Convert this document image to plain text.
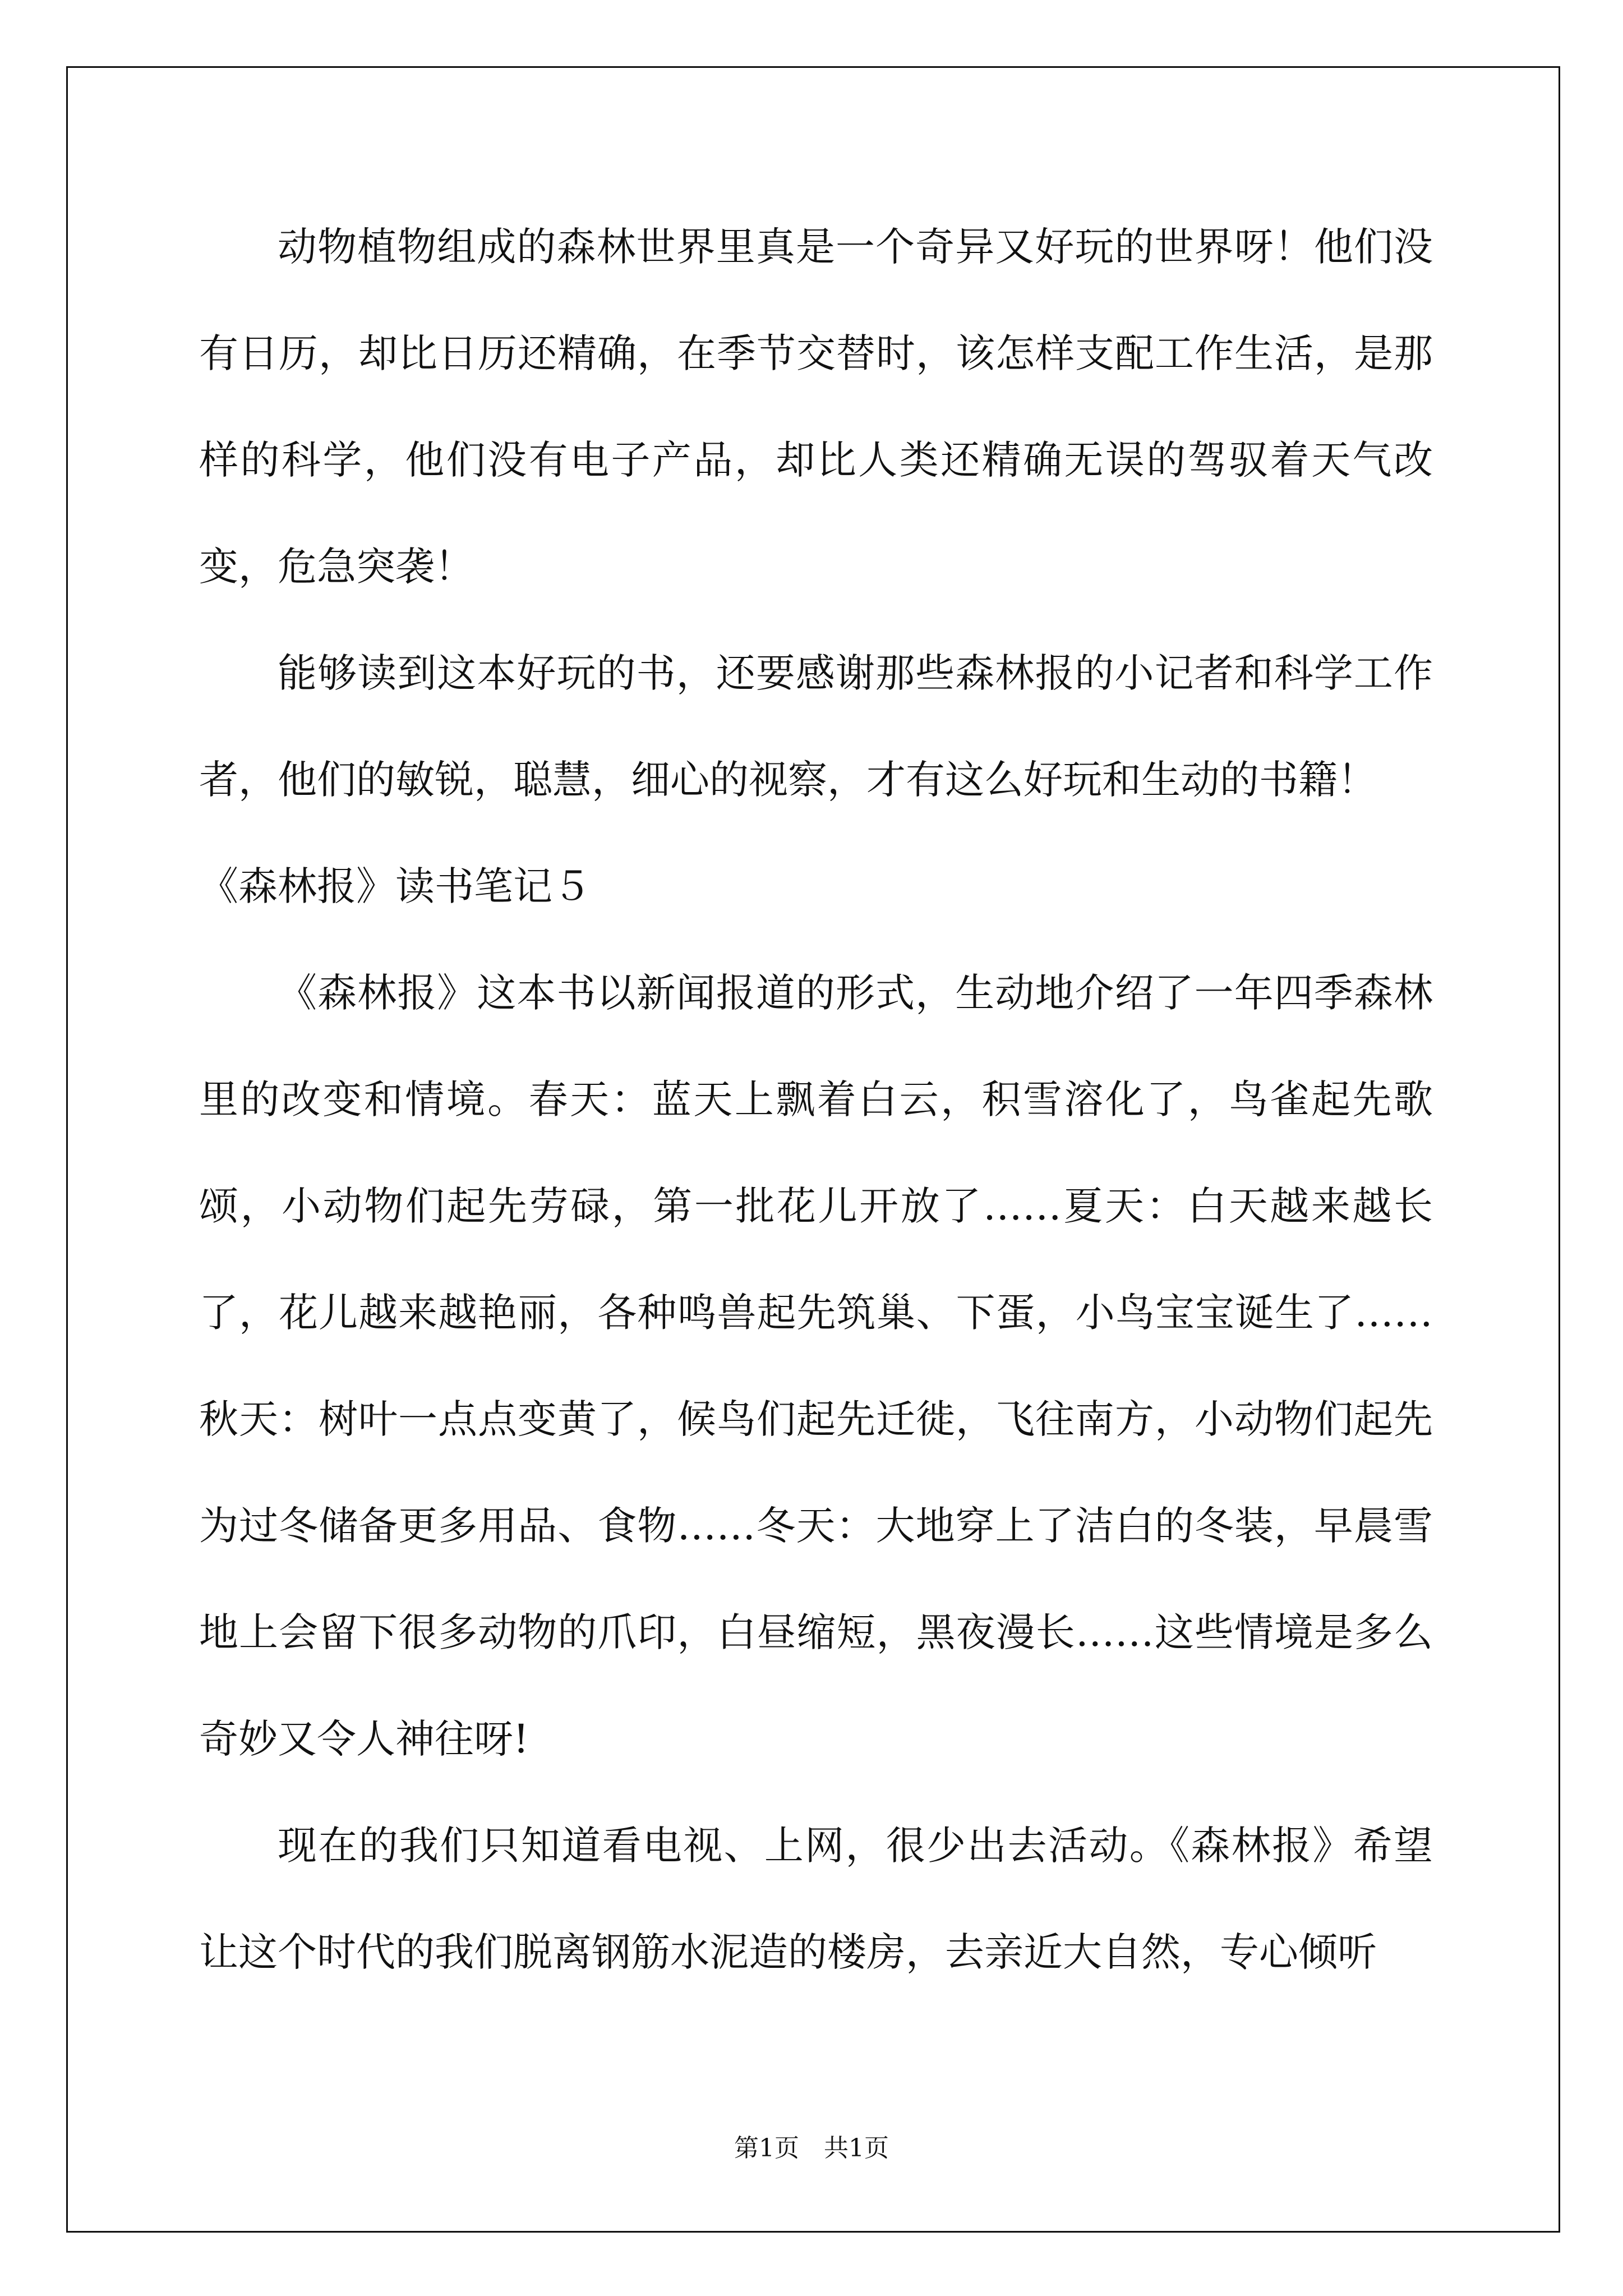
动物植物组成的森林世界里真是一个奇异又好玩的世界呀！他们没有日历，却比日历还精确，在季节交替时，该怎样支配工作生活，是那样的科学，他们没有电子产品，却比人类还精确无误的驾驭着天气改变，危急突袭！

能够读到这本好玩的书，还要感谢那些森林报的小记者和科学工作者，他们的敏锐，聪慧，细心的视察，才有这么好玩和生动的书籍！

《森林报》读书笔记５

《森林报》这本书以新闻报道的形式，生动地介绍了一年四季森林里的改变和情境。春天：蓝天上飘着白云，积雪溶化了，鸟雀起先歌颂，小动物们起先劳碌，第一批花儿开放了……夏天：白天越来越长了，花儿越来越艳丽，各种鸣兽起先筑巢、下蛋，小鸟宝宝诞生了……秋天：树叶一点点变黄了，候鸟们起先迁徙，飞往南方，小动物们起先为过冬储备更多用品、食物……冬天：大地穿上了洁白的冬装，早晨雪地上会留下很多动物的爪印，白昼缩短，黑夜漫长……这些情境是多么奇妙又令人神往呀!

现在的我们只知道看电视、上网，很少出去活动。《森林报》希望让这个时代的我们脱离钢筋水泥造的楼房，去亲近大自然，专心倾听

第1页　共1页
